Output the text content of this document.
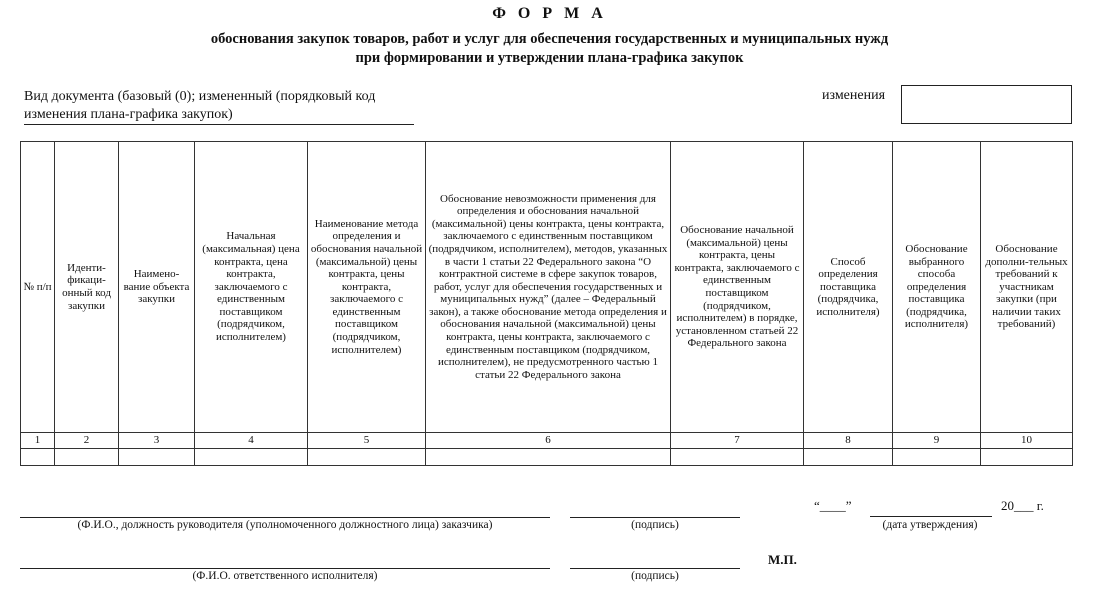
Ф О Р М А
обоснования закупок товаров, работ и услуг для обеспечения государственных и муниципальных нужд
при формировании и утверждении плана-графика закупок
Вид документа (базовый (0); измененный (порядковый код изменения плана-графика закупок)
изменения
№ п/п	Иденти-фикаци-онный код закупки	Наимено-вание объекта закупки	Начальная (максимальная) цена контракта, цена контракта, заключаемого с единственным поставщиком (подрядчиком, исполнителем)	Наименование метода определения и обоснования начальной (максимальной) цены контракта, цены контракта, заключаемого с единственным поставщиком (подрядчиком, исполнителем)	Обоснование невозможности применения для определения и обоснования начальной (максимальной) цены контракта, цены контракта, заключаемого с единственным поставщиком (подрядчиком, исполнителем), методов, указанных в части 1 статьи 22 Федерального закона “О контрактной системе в сфере закупок товаров, работ, услуг для обеспечения государственных и муниципальных нужд” (далее – Федеральный закон), а также обоснование метода определения и обоснования начальной (максимальной) цены контракта, цены контракта, заключаемого с единственным поставщиком (подрядчиком, исполнителем), не предусмотренного частью 1 статьи 22 Федерального закона	Обоснование начальной (максимальной) цены контракта, цены контракта, заключаемого с единственным поставщиком (подрядчиком, исполнителем) в порядке, установленном статьей 22 Федерального закона	Способ определения поставщика (подрядчика, исполнителя)	Обоснование выбранного способа определения поставщика (подрядчика, исполнителя)	Обоснование дополни-тельных требований к участникам закупки (при наличии таких требований)
1	2	3	4	5	6	7	8	9	10

(Ф.И.О., должность руководителя (уполномоченного должностного лица) заказчика)	(подпись)
“____”	20___ г.
(дата утверждения)
(Ф.И.О. ответственного исполнителя)	(подпись)
М.П.
